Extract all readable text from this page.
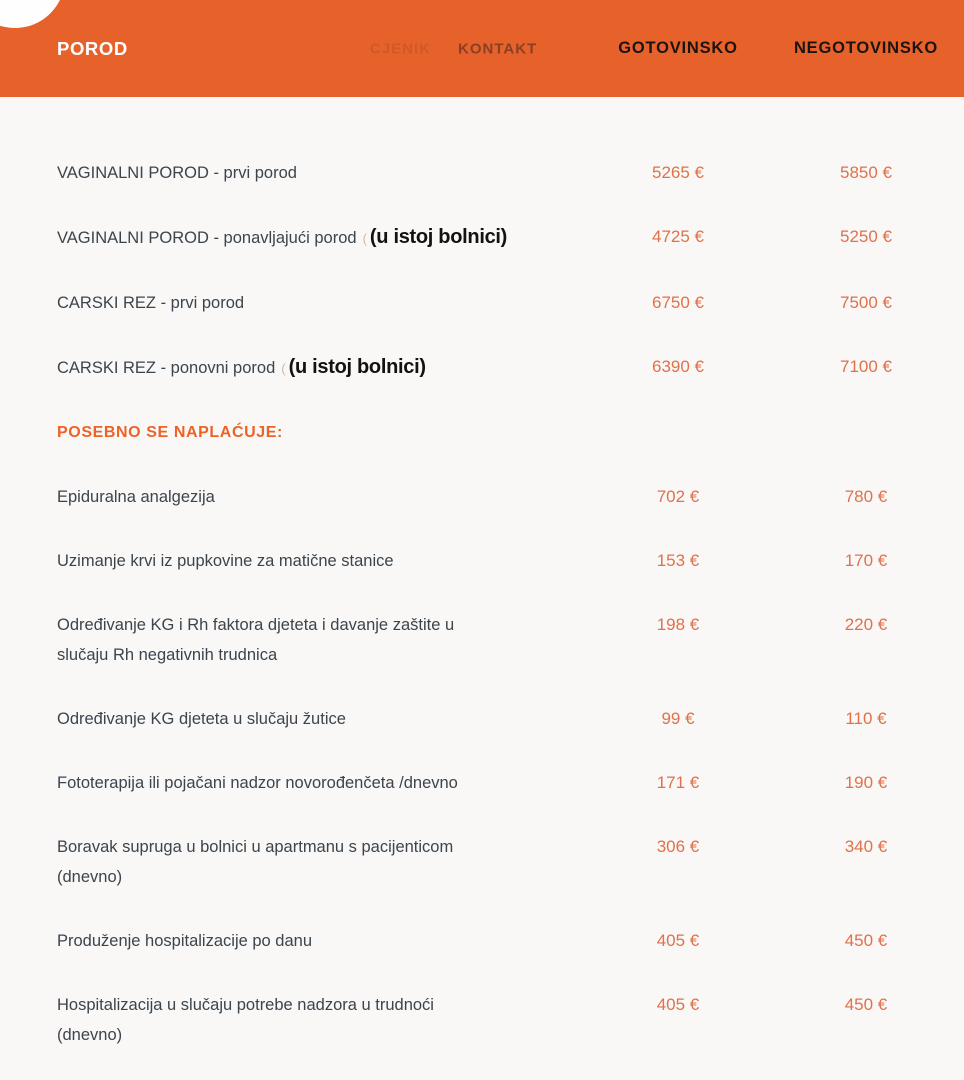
POROD	CJENIK KONTAKT	GOTOVINSKO	NEGOTOVINSKO
VAGINALNI POROD - prvi porod	5265 €	5850 €
VAGINALNI POROD - ponavljajući porod ( (u istoj bolnici)	4725 €	5250 €
CARSKI REZ - prvi porod	6750 €	7500 €
CARSKI REZ - ponovni porod ( (u istoj bolnici)	6390 €	7100 €
POSEBNO SE NAPLAĆUJE:
Epiduralna analgezija	702 €	780 €
Uzimanje krvi iz pupkovine za matične stanice	153 €	170 €
Određivanje KG i Rh faktora djeteta i davanje zaštite u
slučaju Rh negativnih trudnica
198 €	220 €
Određivanje KG djeteta u slučaju žutice	99 €	110 €
Fototerapija ili pojačani nadzor novorođenčeta /dnevno	171 €	190 €
Boravak supruga u bolnici u apartmanu s pacijenticom
(dnevno)
306 €	340 €
Produženje hospitalizacije po danu	405 €	450 €
Hospitalizacija u slučaju potrebe nadzora u trudnoći
(dnevno)
405 €	450 €
